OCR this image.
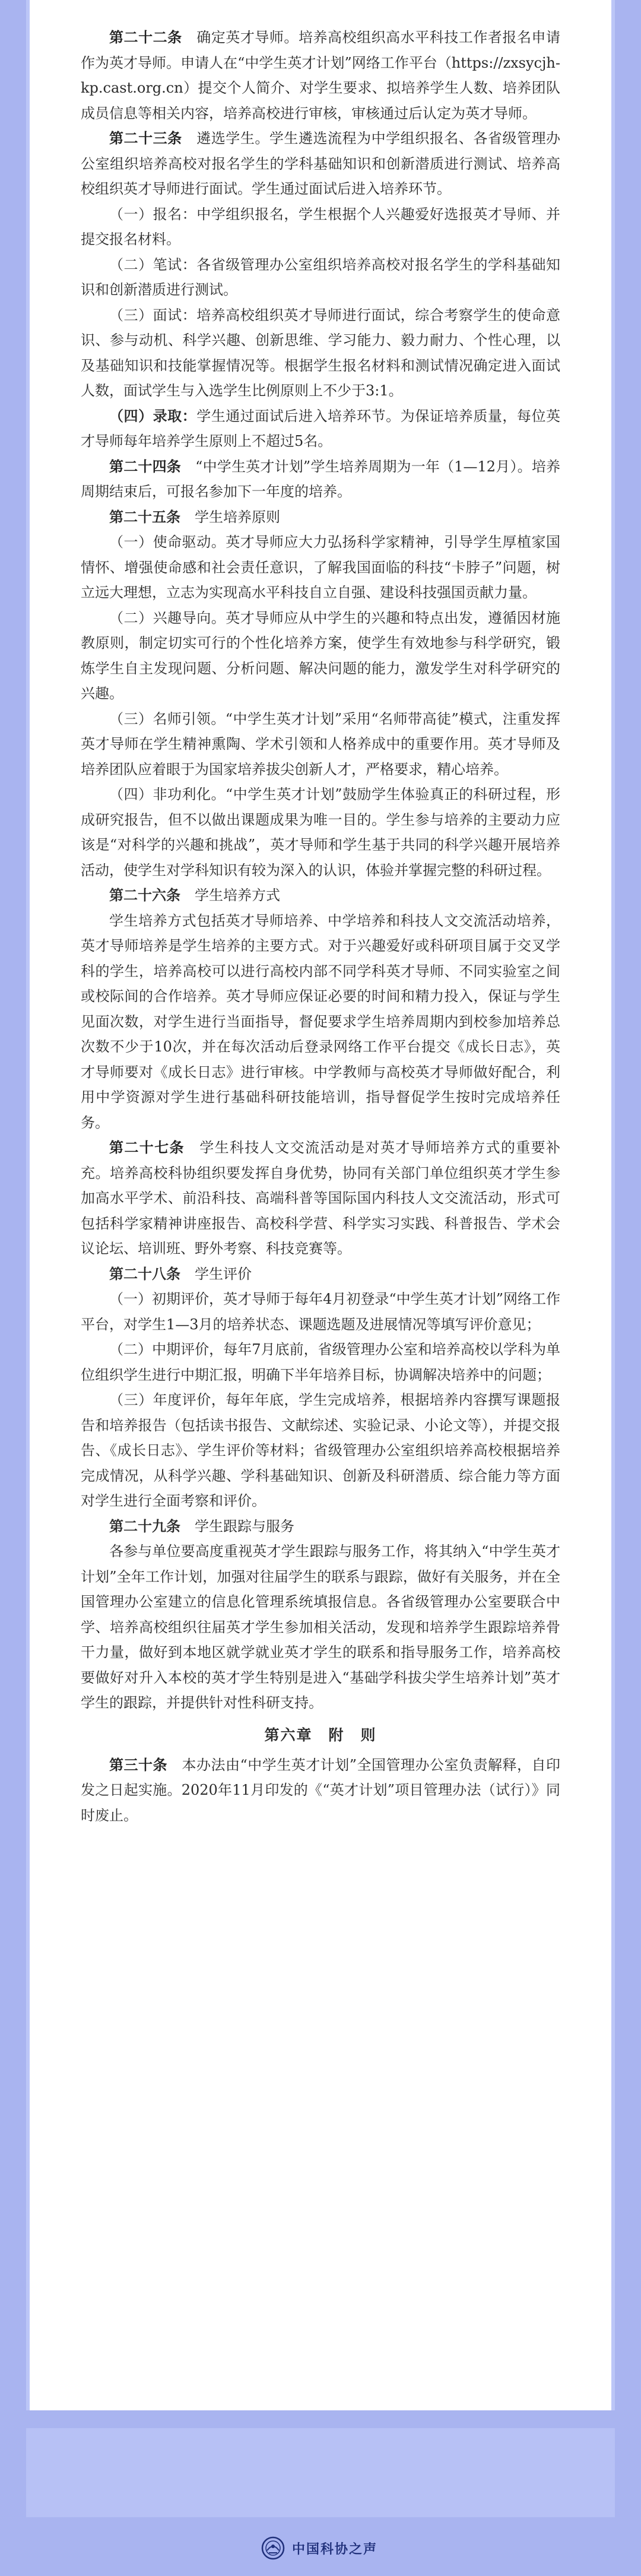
第二十二条　 确定英才导师。培养高校组织高水平科技工作者报名申请作为英才导师。申请人在“中学生英才计划”网络工作平台（https://zxsycjh-kp.cast.org.cn）提交个人简介、对学生要求、拟培养学生人数、培养团队成员信息等相关内容，培养高校进行审核，审核通过后认定为英才导师。

第二十三条　 遴选学生。学生遴选流程为中学组织报名、各省级管理办公室组织培养高校对报名学生的学科基础知识和创新潜质进行测试、培养高校组织英才导师进行面试。学生通过面试后进入培养环节。

（一）报名：中学组织报名，学生根据个人兴趣爱好选报英才导师、并提交报名材料。

（二）笔试：各省级管理办公室组织培养高校对报名学生的学科基础知识和创新潜质进行测试。

（三）面试：培养高校组织英才导师进行面试，综合考察学生的使命意识、参与动机、科学兴趣、创新思维、学习能力、毅力耐力、个性心理，以及基础知识和技能掌握情况等。根据学生报名材料和测试情况确定进入面试人数，面试学生与入选学生比例原则上不少于3:1。

（四）录取：学生通过面试后进入培养环节。为保证培养质量，每位英才导师每年培养学生原则上不超过5名。

第二十四条　 “中学生英才计划”学生培养周期为一年（1—12月）。培养周期结束后，可报名参加下一年度的培养。

第二十五条　 学生培养原则

（一）使命驱动。英才导师应大力弘扬科学家精神，引导学生厚植家国情怀、增强使命感和社会责任意识，了解我国面临的科技“卡脖子”问题，树立远大理想，立志为实现高水平科技自立自强、建设科技强国贡献力量。

（二）兴趣导向。英才导师应从中学生的兴趣和特点出发，遵循因材施教原则，制定切实可行的个性化培养方案，使学生有效地参与科学研究，锻炼学生自主发现问题、分析问题、解决问题的能力，激发学生对科学研究的兴趣。

（三）名师引领。“中学生英才计划”采用“名师带高徒”模式，注重发挥英才导师在学生精神熏陶、学术引领和人格养成中的重要作用。英才导师及培养团队应着眼于为国家培养拔尖创新人才，严格要求，精心培养。

（四）非功利化。“中学生英才计划”鼓励学生体验真正的科研过程，形成研究报告，但不以做出课题成果为唯一目的。学生参与培养的主要动力应该是“对科学的兴趣和挑战”，英才导师和学生基于共同的科学兴趣开展培养活动，使学生对学科知识有较为深入的认识，体验并掌握完整的科研过程。

第二十六条　 学生培养方式

学生培养方式包括英才导师培养、中学培养和科技人文交流活动培养，英才导师培养是学生培养的主要方式。对于兴趣爱好或科研项目属于交叉学科的学生，培养高校可以进行高校内部不同学科英才导师、不同实验室之间或校际间的合作培养。英才导师应保证必要的时间和精力投入，保证与学生见面次数，对学生进行当面指导，督促要求学生培养周期内到校参加培养总次数不少于10次，并在每次活动后登录网络工作平台提交《成长日志》，英才导师要对《成长日志》进行审核。中学教师与高校英才导师做好配合，利用中学资源对学生进行基础科研技能培训，指导督促学生按时完成培养任务。

第二十七条　 学生科技人文交流活动是对英才导师培养方式的重要补充。培养高校科协组织要发挥自身优势，协同有关部门单位组织英才学生参加高水平学术、前沿科技、高端科普等国际国内科技人文交流活动，形式可包括科学家精神讲座报告、高校科学营、科学实习实践、科普报告、学术会议论坛、培训班、野外考察、科技竞赛等。

第二十八条　 学生评价

（一）初期评价，英才导师于每年4月初登录“中学生英才计划”网络工作平台，对学生1—3月的培养状态、课题选题及进展情况等填写评价意见；

（二）中期评价，每年7月底前，省级管理办公室和培养高校以学科为单位组织学生进行中期汇报，明确下半年培养目标，协调解决培养中的问题；

（三）年度评价，每年年底，学生完成培养，根据培养内容撰写课题报告和培养报告（包括读书报告、文献综述、实验记录、小论文等），并提交报告、《成长日志》、学生评价等材料；省级管理办公室组织培养高校根据培养完成情况，从科学兴趣、学科基础知识、创新及科研潜质、综合能力等方面对学生进行全面考察和评价。

第二十九条　 学生跟踪与服务

各参与单位要高度重视英才学生跟踪与服务工作，将其纳入“中学生英才计划”全年工作计划，加强对往届学生的联系与跟踪，做好有关服务，并在全国管理办公室建立的信息化管理系统填报信息。各省级管理办公室要联合中学、培养高校组织往届英才学生参加相关活动，发现和培养学生跟踪培养骨干力量，做好到本地区就学就业英才学生的联系和指导服务工作，培养高校要做好对升入本校的英才学生特别是进入“基础学科拔尖学生培养计划”英才学生的跟踪，并提供针对性科研支持。

第六章　附　则

第三十条　 本办法由“中学生英才计划”全国管理办公室负责解释，自印发之日起实施。2020年11月印发的《“英才计划”项目管理办法（试行）》同时废止。

中国科协之声
